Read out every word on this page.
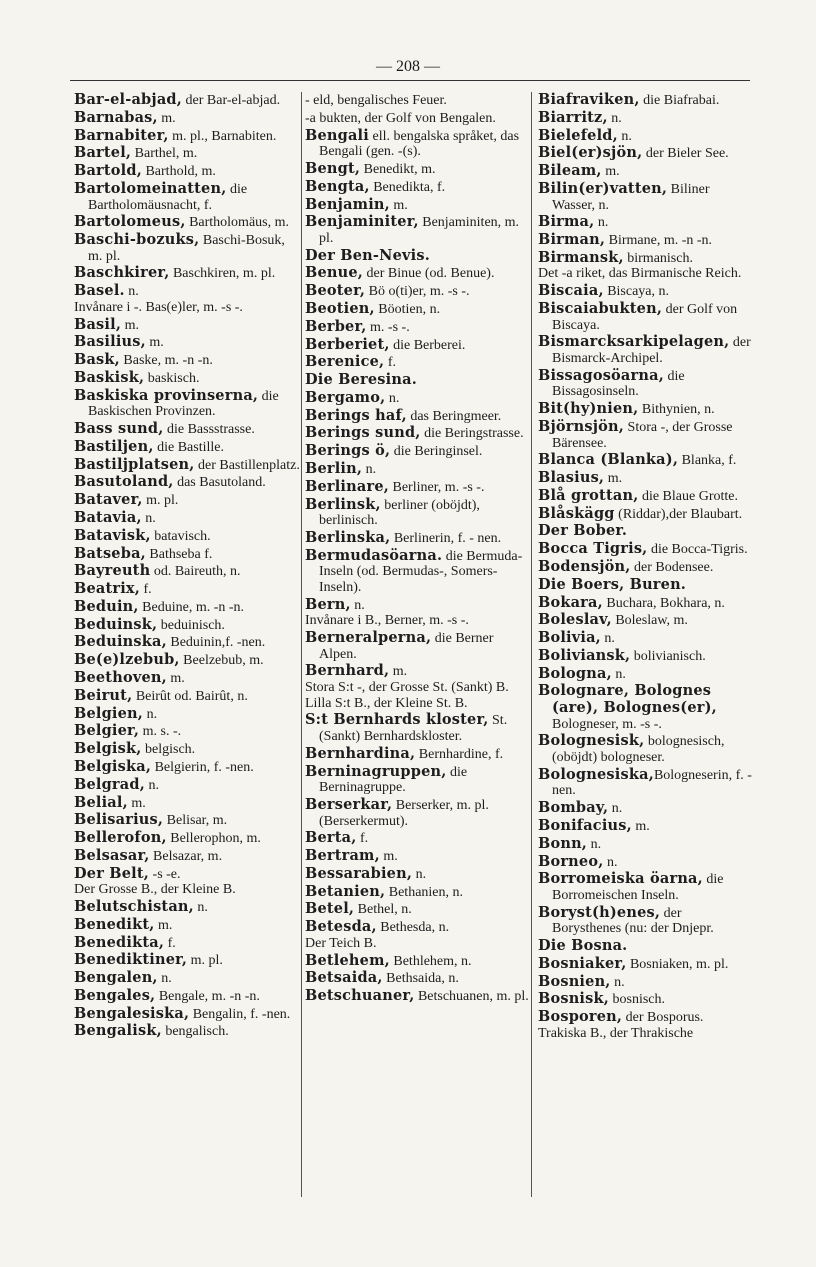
— 208 —
Bar-el-abjad, der Bar-el-abjad.
Barnabas, m.
Barnabiter, m. pl., Barnabiten.
Bartel, Barthel, m.
Bartold, Barthold, m.
Bartolomeinatten, die Bartholomäusnacht, f.
Bartolomeus, Bartholomäus, m.
Baschi-bozuks, Baschi-Bosuk, m. pl.
Baschkirer, Baschkiren, m. pl.
Basel. n.
Invånare i -. Bas(e)ler, m. -s -.
Basil, m.
Basilius, m.
Bask, Baske, m. -n -n.
Baskisk, baskisch.
Baskiska provinserna, die Baskischen Provinzen.
Bass sund, die Bassstrasse.
Bastiljen, die Bastille.
Bastiljplatsen, der Bastillenplatz.
Basutoland, das Basutoland.
Bataver, m. pl.
Batavia, n.
Batavisk, batavisch.
Batseba, Bathseba f.
Bayreuth od. Baireuth, n.
Beatrix, f.
Beduin, Beduine, m. -n -n.
Beduinsk, beduinisch.
Beduinska, Beduinin,f. -nen.
Be(e)lzebub, Beelzebub, m.
Beethoven, m.
Beirut, Beirût od. Bairût, n.
Belgien, n.
Belgier, m. s. -.
Belgisk, belgisch.
Belgiska, Belgierin, f. -nen.
Belgrad, n.
Belial, m.
Belisarius, Belisar, m.
Bellerofon, Bellerophon, m.
Belsasar, Belsazar, m.
Der Belt, -s -e.
Der Grosse B., der Kleine B.
Belutschistan, n.
Benedikt, m.
Benedikta, f.
Benediktiner, m. pl.
Bengalen, n.
Bengales, Bengale, m. -n -n.
Bengalesiska, Bengalin, f. -nen.
Bengalisk, bengalisch.
- eld, bengalisches Feuer.
-a bukten, der Golf von Bengalen.
Bengali ell. bengalska språket, das Bengali (gen. -(s).
Bengt, Benedikt, m.
Bengta, Benedikta, f.
Benjamin, m.
Benjaminiter, Benjaminiten, m. pl.
Der Ben-Nevis.
Benue, der Binue (od. Benue).
Beoter, Bö o(ti)er, m. -s -.
Beotien, Böotien, n.
Berber, m. -s -.
Berberiet, die Berberei.
Berenice, f.
Die Beresina.
Bergamo, n.
Berings haf, das Beringmeer.
Berings sund, die Beringstrasse.
Berings ö, die Beringinsel.
Berlin, n.
Berlinare, Berliner, m. -s -.
Berlinsk, berliner (oböjdt), berlinisch.
Berlinska, Berlinerin, f. - nen.
Bermudasöarna. die Bermuda-Inseln (od. Bermudas-, Somers-Inseln).
Bern, n.
Invånare i B., Berner, m. -s -.
Berneralperna, die Berner Alpen.
Bernhard, m.
Stora S:t -, der Grosse St. (Sankt) B.
Lilla S:t B., der Kleine St. B.
S:t Bernhards kloster, St. (Sankt) Bernhardskloster.
Bernhardina, Bernhardine, f.
Berninagruppen, die Berninagruppe.
Berserkar, Berserker, m. pl. (Berserkermut).
Berta, f.
Bertram, m.
Bessarabien, n.
Betanien, Bethanien, n.
Betel, Bethel, n.
Betesda, Bethesda, n.
Der Teich B.
Betlehem, Bethlehem, n.
Betsaida, Bethsaida, n.
Betschuaner, Betschuanen, m. pl.
Biafraviken, die Biafrabai.
Biarritz, n.
Bielefeld, n.
Biel(er)sjön, der Bieler See.
Bileam, m.
Bilin(er)vatten, Biliner Wasser, n.
Birma, n.
Birman, Birmane, m. -n -n.
Birmansk, birmanisch.
Det -a riket, das Birmanische Reich.
Biscaia, Biscaya, n.
Biscaiabukten, der Golf von Biscaya.
Bismarcksarkipelagen, der Bismarck-Archipel.
Bissagosöarna, die Bissagosinseln.
Bit(hy)nien, Bithynien, n.
Björnsjön, Stora -, der Grosse Bärensee.
Blanca (Blanka), Blanka, f.
Blasius, m.
Blå grottan, die Blaue Grotte.
Blåskägg (Riddar),der Blaubart.
Der Bober.
Bocca Tigris, die Bocca-Tigris.
Bodensjön, der Bodensee.
Die Boers, Buren.
Bokara, Buchara, Bokhara, n.
Boleslav, Boleslaw, m.
Bolivia, n.
Boliviansk, bolivianisch.
Bologna, n.
Bolognare, Bolognes (are), Bolognes(er), Bologneser, m. -s -.
Bolognesisk, bolognesisch, (oböjdt) bologneser.
Bolognesiska,Bologneserin, f. -nen.
Bombay, n.
Bonifacius, m.
Bonn, n.
Borneo, n.
Borromeiska öarna, die Borromeischen Inseln.
Boryst(h)enes, der Borysthenes (nu: der Dnjepr.
Die Bosna.
Bosniaker, Bosniaken, m. pl.
Bosnien, n.
Bosnisk, bosnisch.
Bosporen, der Bosporus.
Trakiska B., der Thrakische
